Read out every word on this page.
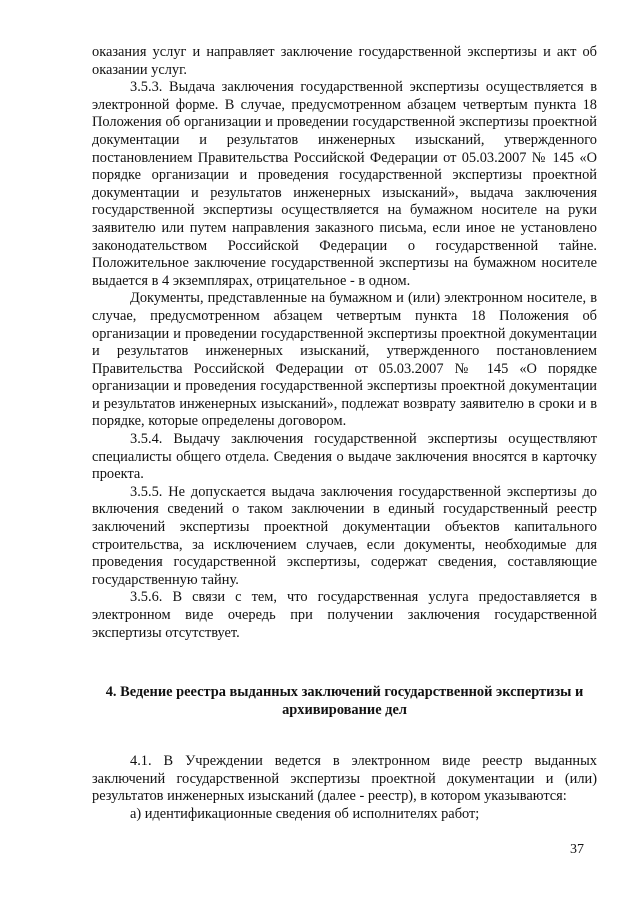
оказания услуг и направляет заключение государственной экспертизы и акт об оказании услуг.

3.5.3. Выдача заключения государственной экспертизы осуществляется в электронной форме. В случае, предусмотренном абзацем четвертым пункта 18 Положения об организации и проведении государственной экспертизы проектной документации и результатов инженерных изысканий, утвержденного постановлением Правительства Российской Федерации от 05.03.2007 № 145 «О порядке организации и проведения государственной экспертизы проектной документации и результатов инженерных изысканий», выдача заключения государственной экспертизы осуществляется на бумажном носителе на руки заявителю или путем направления заказного письма, если иное не установлено законодательством Российской Федерации о государственной тайне. Положительное заключение государственной экспертизы на бумажном носителе выдается в 4 экземплярах, отрицательное - в одном.

Документы, представленные на бумажном и (или) электронном носителе, в случае, предусмотренном абзацем четвертым пункта 18 Положения об организации и проведении государственной экспертизы проектной документации и результатов инженерных изысканий, утвержденного постановлением Правительства Российской Федерации от 05.03.2007 № 145 «О порядке организации и проведения государственной экспертизы проектной документации и результатов инженерных изысканий», подлежат возврату заявителю в сроки и в порядке, которые определены договором.

3.5.4. Выдачу заключения государственной экспертизы осуществляют специалисты общего отдела. Сведения о выдаче заключения вносятся в карточку проекта.

3.5.5. Не допускается выдача заключения государственной экспертизы до включения сведений о таком заключении в единый государственный реестр заключений экспертизы проектной документации объектов капитального строительства, за исключением случаев, если документы, необходимые для проведения государственной экспертизы, содержат сведения, составляющие государственную тайну.

3.5.6. В связи с тем, что государственная услуга предоставляется в электронном виде очередь при получении заключения государственной экспертизы отсутствует.

4. Ведение реестра выданных заключений государственной экспертизы и архивирование дел

4.1. В Учреждении ведется в электронном виде реестр выданных заключений государственной экспертизы проектной документации и (или) результатов инженерных изысканий (далее - реестр), в котором указываются:

а) идентификационные сведения об исполнителях работ;

37
